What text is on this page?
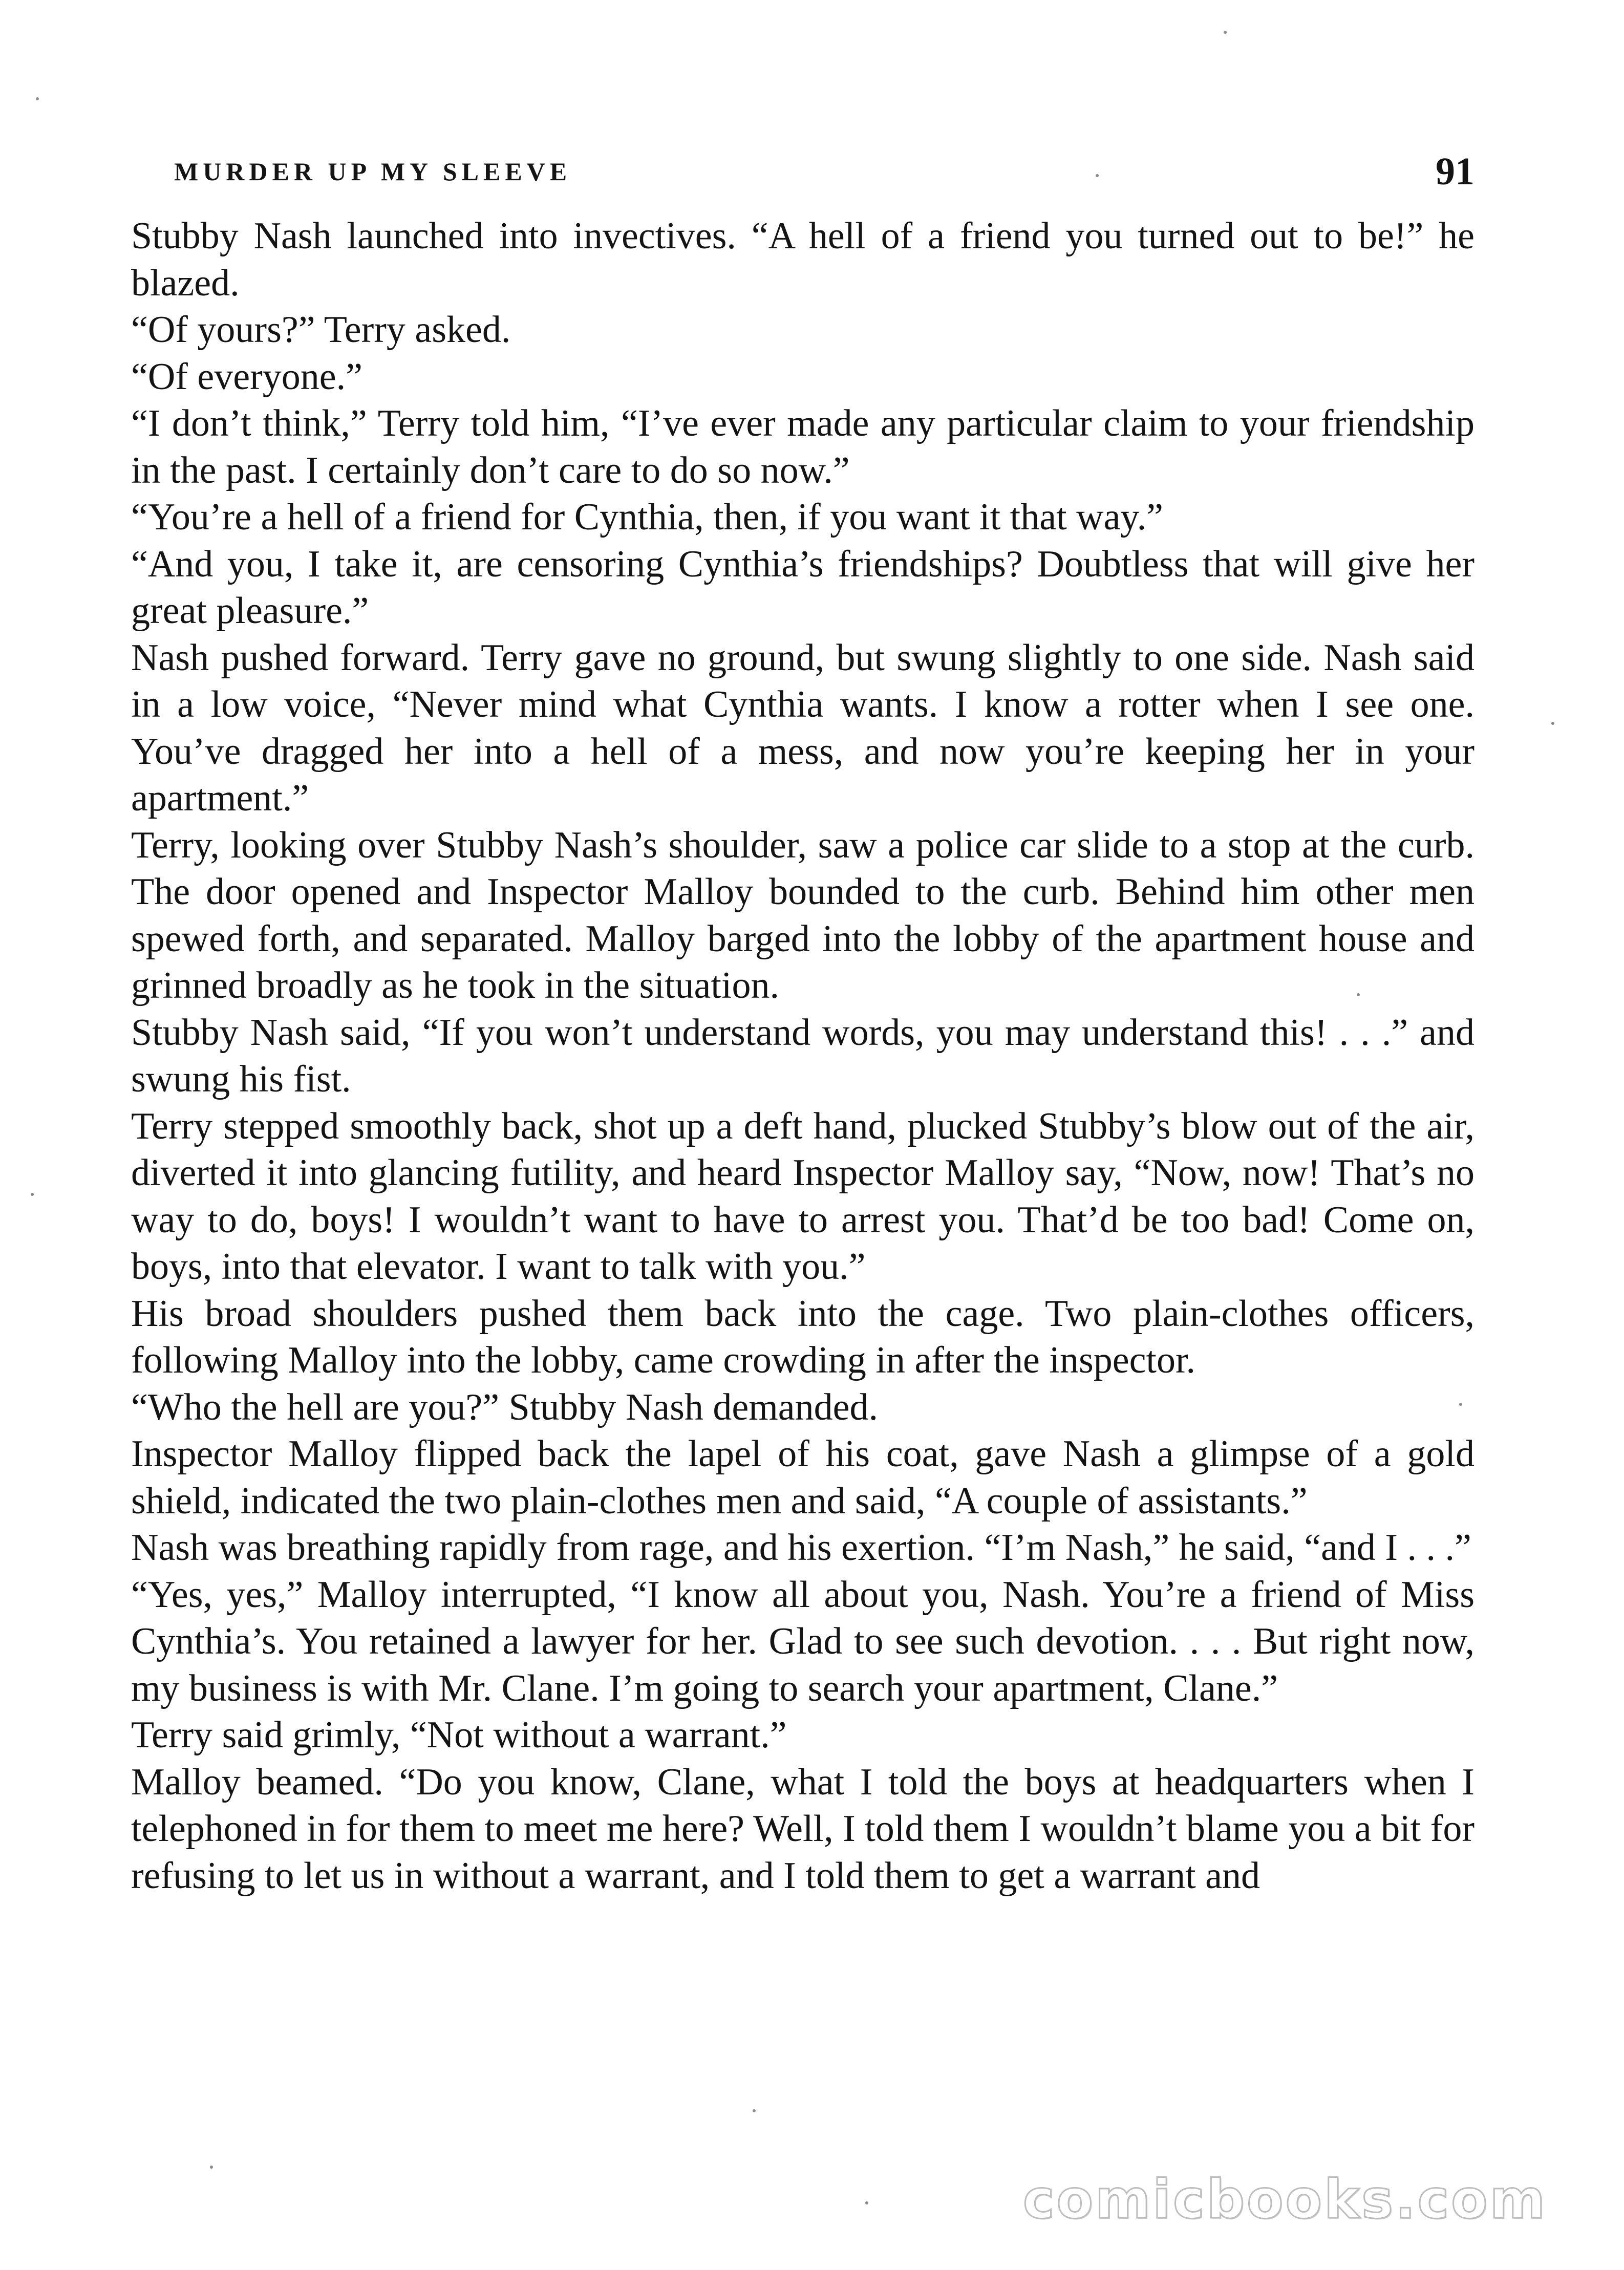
MURDER UP MY SLEEVE	91

Stubby Nash launched into invectives. “A hell of a friend you turned out to be!” he blazed.

“Of yours?” Terry asked.

“Of everyone.”

“I don’t think,” Terry told him, “I’ve ever made any particular claim to your friendship in the past. I certainly don’t care to do so now.”

“You’re a hell of a friend for Cynthia, then, if you want it that way.”

“And you, I take it, are censoring Cynthia’s friendships? Doubtless that will give her great pleasure.”

Nash pushed forward. Terry gave no ground, but swung slightly to one side. Nash said in a low voice, “Never mind what Cynthia wants. I know a rotter when I see one. You’ve dragged her into a hell of a mess, and now you’re keeping her in your apartment.”

Terry, looking over Stubby Nash’s shoulder, saw a police car slide to a stop at the curb. The door opened and Inspector Malloy bounded to the curb. Behind him other men spewed forth, and separated. Malloy barged into the lobby of the apartment house and grinned broadly as he took in the situation.

Stubby Nash said, “If you won’t understand words, you may understand this! . . .” and swung his fist.

Terry stepped smoothly back, shot up a deft hand, plucked Stubby’s blow out of the air, diverted it into glancing futility, and heard Inspector Malloy say, “Now, now! That’s no way to do, boys! I wouldn’t want to have to arrest you. That’d be too bad! Come on, boys, into that elevator. I want to talk with you.”

His broad shoulders pushed them back into the cage. Two plain-clothes officers, following Malloy into the lobby, came crowding in after the inspector.

“Who the hell are you?” Stubby Nash demanded.

Inspector Malloy flipped back the lapel of his coat, gave Nash a glimpse of a gold shield, indicated the two plain-clothes men and said, “A couple of assistants.”

Nash was breathing rapidly from rage, and his exertion. “I’m Nash,” he said, “and I . . .”

“Yes, yes,” Malloy interrupted, “I know all about you, Nash. You’re a friend of Miss Cynthia’s. You retained a lawyer for her. Glad to see such devotion. . . . But right now, my business is with Mr. Clane. I’m going to search your apartment, Clane.”

Terry said grimly, “Not without a warrant.”

Malloy beamed. “Do you know, Clane, what I told the boys at headquarters when I telephoned in for them to meet me here? Well, I told them I wouldn’t blame you a bit for refusing to let us in without a warrant, and I told them to get a warrant and

comicbooks.com
